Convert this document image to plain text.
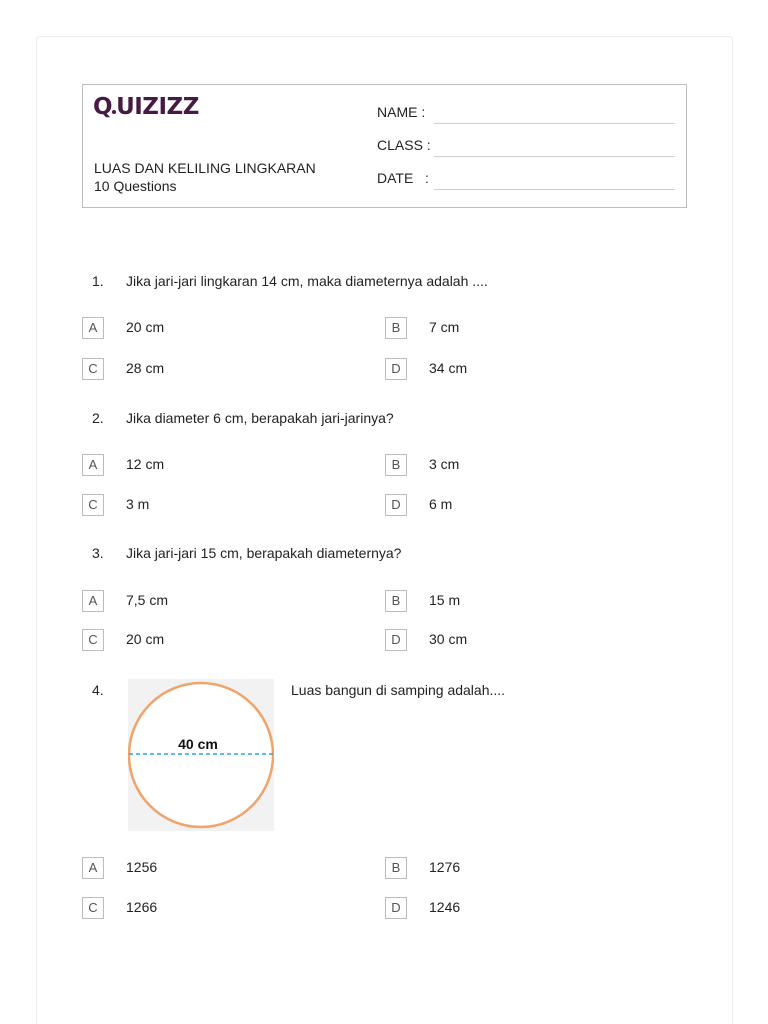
Q UIZIZZ
LUAS DAN KELILING LINGKARAN
10 Questions
NAME :
CLASS :
DATE   :
1. Jika jari-jari lingkaran 14 cm, maka diameternya adalah ....
A	20 cm	B	7 cm
C	28 cm	D	34 cm
2. Jika diameter 6 cm, berapakah jari-jarinya?
A	12 cm	B	3 cm
C	3 m	D	6 m
3. Jika jari-jari 15 cm, berapakah diameternya?
A	7,5 cm	B	15 m
C	20 cm	D	30 cm
4.
40 cm
Luas bangun di samping adalah....
A	1256	B	1276
C	1266	D	1246
